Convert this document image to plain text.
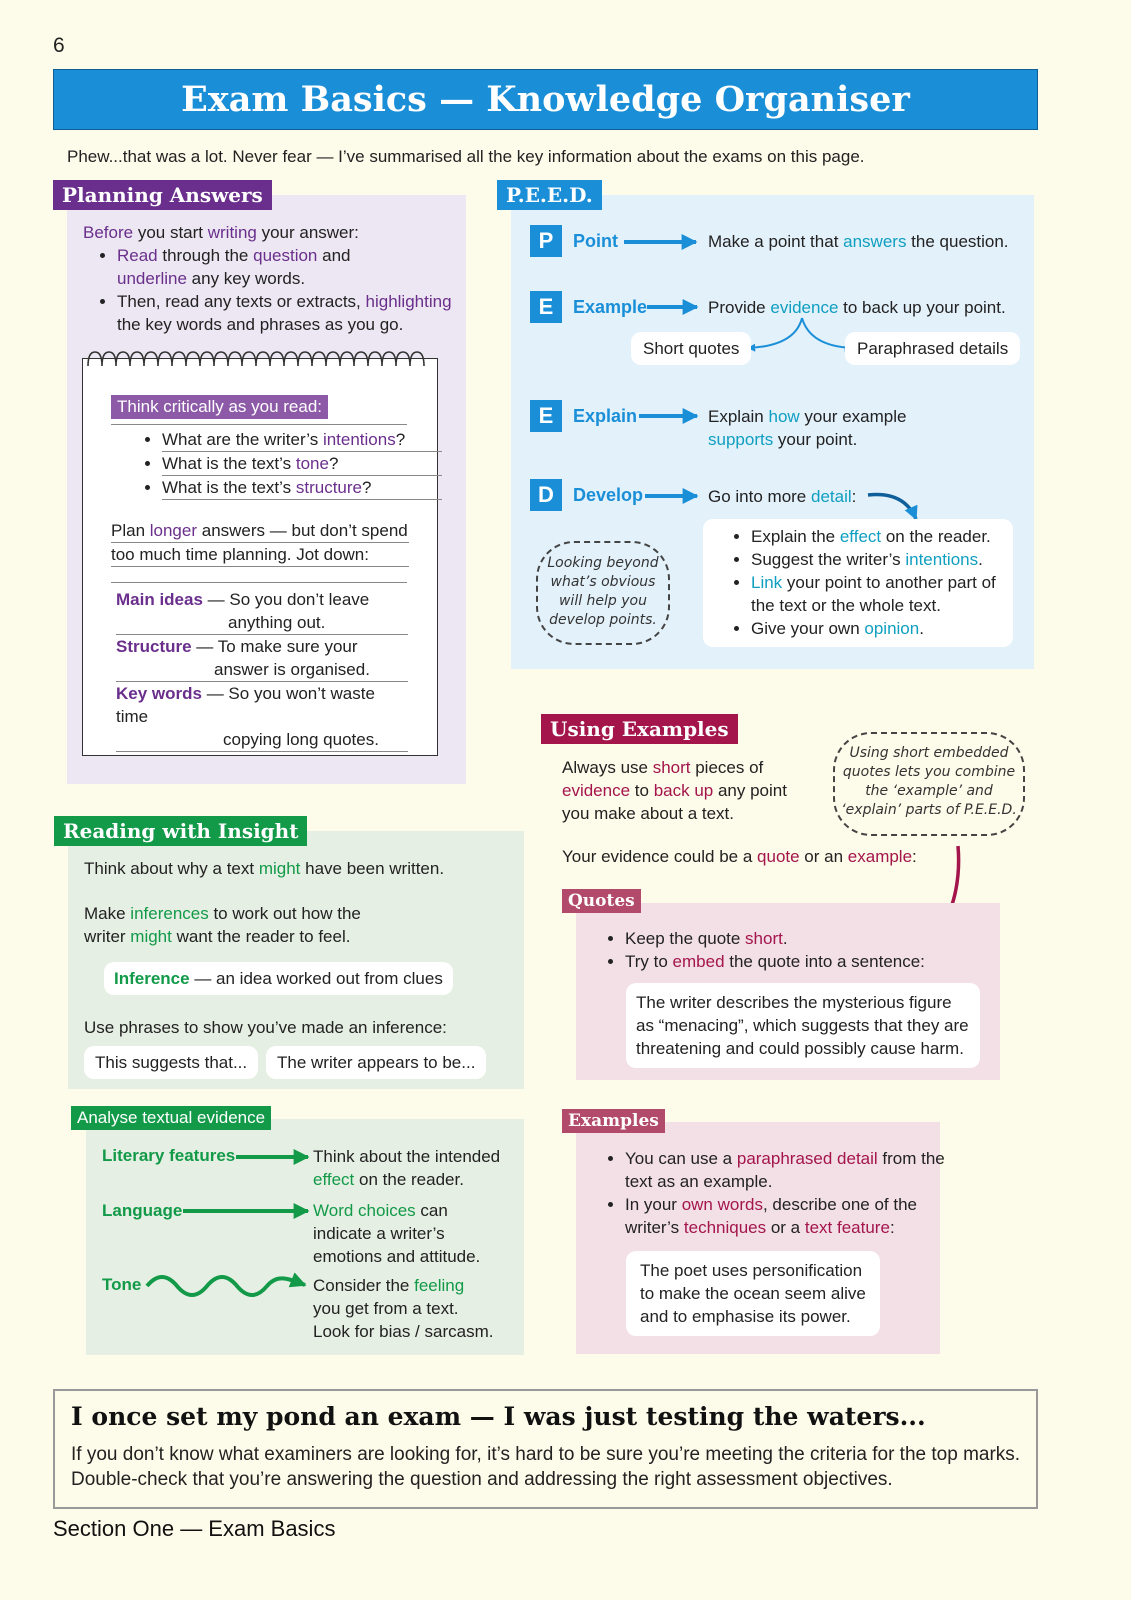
6
Exam Basics — Knowledge Organiser
Phew...that was a lot. Never fear — I’ve summarised all the key information about the exams on this page.
Planning Answers
Before you start writing your answer:
• Read through the question and
underline any key words.
• Then, read any texts or extracts, highlighting the key words and phrases as you go.
Think critically as you read:
• What are the writer’s intentions?
• What is the text’s tone?
• What is the text’s structure?
Plan longer answers — but don’t spend
too much time planning. Jot down:
Main ideas — So you don’t leave
anything out.
Structure — To make sure your
answer is organised.
Key words — So you won’t waste time
copying long quotes.
P.E.E.D.
P	Point	Make a point that answers the question.
E	Example	Provide evidence to back up your point.
Short quotes	Paraphrased details
E	Explain	Explain how your example
supports your point.
D	Develop	Go into more detail:
• Explain the effect on the reader.
• Suggest the writer’s intentions.
• Link your point to another part of the text or the whole text.
• Give your own opinion.
Looking beyond
what’s obvious
will help you
develop points.
Reading with Insight
Think about why a text might have been written.
Make inferences to work out how the
writer might want the reader to feel.
Inference — an idea worked out from clues
Use phrases to show you’ve made an inference:
This suggests that...	The writer appears to be...
Analyse textual evidence
Literary features	Think about the intended
effect on the reader.
Language	Word choices can
indicate a writer’s
emotions and attitude.
Tone	Consider the feeling
you get from a text.
Look for bias / sarcasm.
Using Examples
Always use short pieces of
evidence to back up any point
you make about a text.
Using short embedded
quotes lets you combine
the ‘example’ and
‘explain’ parts of P.E.E.D.
Your evidence could be a quote or an example:
Quotes
• Keep the quote short.
• Try to embed the quote into a sentence:
The writer describes the mysterious figure as “menacing”, which suggests that they are threatening and could possibly cause harm.
Examples
• You can use a paraphrased detail from the text as an example.
• In your own words, describe one of the writer’s techniques or a text feature:
The poet uses personification to make the ocean seem alive and to emphasise its power.
I once set my pond an exam — I was just testing the waters...
If you don’t know what examiners are looking for, it’s hard to be sure you’re meeting the criteria for the top marks. Double-check that you’re answering the question and addressing the right assessment objectives.
Section One — Exam Basics
